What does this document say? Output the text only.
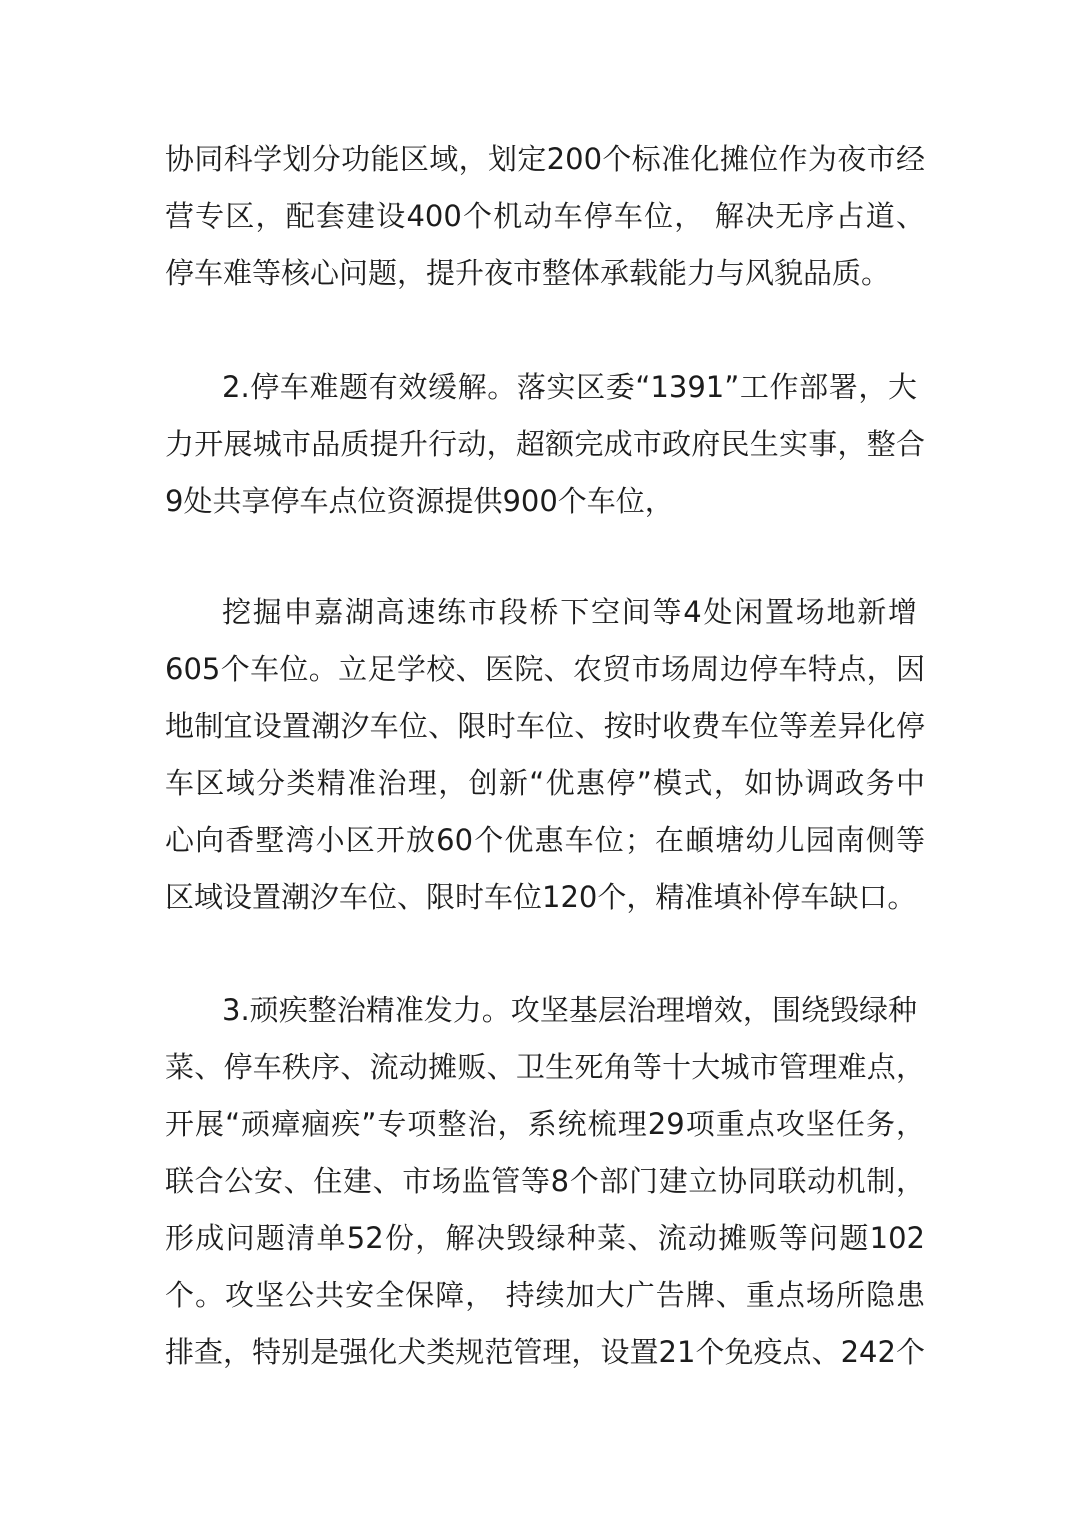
协同科学划分功能区域，划定200个标准化摊位作为夜市经
营专区，配套建设400个机动车停车位， 解决无序占道、
停车难等核心问题，提升夜市整体承载能力与风貌品质。
2.停车难题有效缓解。落实区委“1391”工作部署，大
力开展城市品质提升行动，超额完成市政府民生实事，整合
9处共享停车点位资源提供900个车位，
挖掘申嘉湖高速练市段桥下空间等4处闲置场地新增
605个车位。立足学校、医院、农贸市场周边停车特点，因
地制宜设置潮汐车位、限时车位、按时收费车位等差异化停
车区域分类精准治理，创新“优惠停”模式，如协调政务中
心向香墅湾小区开放60个优惠车位；在頔塘幼儿园南侧等
区域设置潮汐车位、限时车位120个，精准填补停车缺口。
3.顽疾整治精准发力。攻坚基层治理增效，围绕毁绿种
菜、停车秩序、流动摊贩、卫生死角等十大城市管理难点，
开展“顽瘴痼疾”专项整治，系统梳理29项重点攻坚任务，
联合公安、住建、市场监管等8个部门建立协同联动机制，
形成问题清单52份，解决毁绿种菜、流动摊贩等问题102
个。攻坚公共安全保障， 持续加大广告牌、重点场所隐患
排查，特别是强化犬类规范管理，设置21个免疫点、242个
